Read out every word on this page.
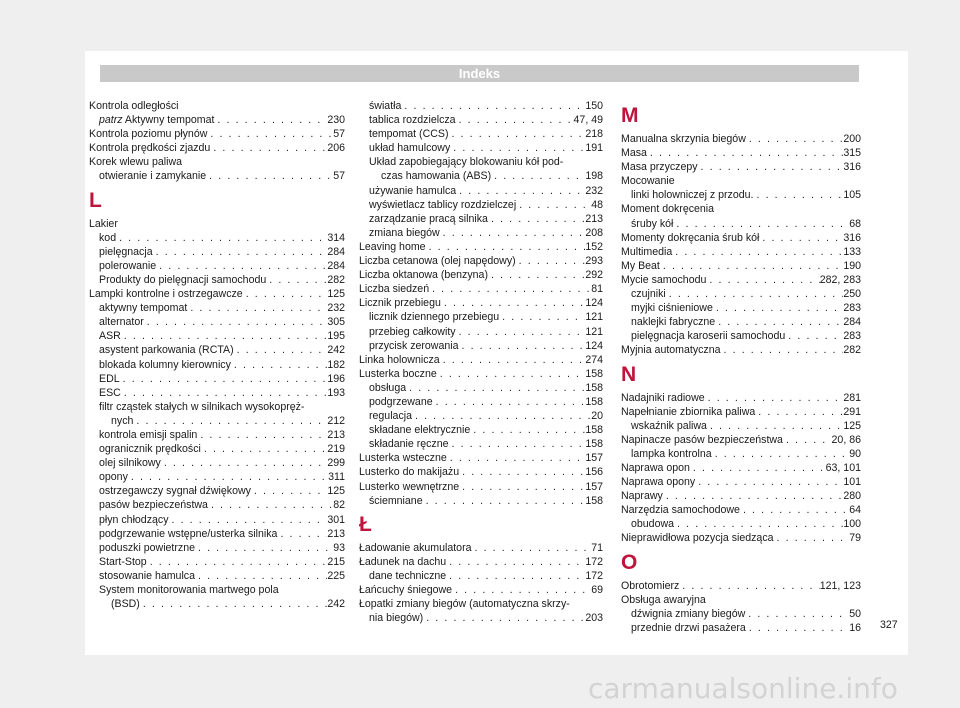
Indeks
Kontrola odległości
patrz Aktywny tempomat . . .	230
Kontrola poziomu płynów . . .	57
Kontrola prędkości zjazdu . . .	206
Korek wlewu paliwa
otwieranie i zamykanie . . .	57
L
Lakier
kod . . .	314
pielęgnacja . . .	284
polerowanie . . .	284
Produkty do pielęgnacji samochodu . . .	282
Lampki kontrolne i ostrzegawcze . . .	125
aktywny tempomat . . .	232
alternator . . .	305
ASR . . .	195
asystent parkowania (RCTA) . . .	242
blokada kolumny kierownicy . . .	182
EDL . . .	196
ESC . . .	193
filtr cząstek stałych w silnikach wysokopręż-
nych . . .	212
kontrola emisji spalin . . .	213
ogranicznik prędkości . . .	219
olej silnikowy . . .	299
opony . . .	311
ostrzegawczy sygnał dźwiękowy . . .	125
pasów bezpieczeństwa . . .	82
płyn chłodzący . . .	301
podgrzewanie wstępne/usterka silnika . . .	213
poduszki powietrzne . . .	93
Start-Stop . . .	215
stosowanie hamulca . . .	225
System monitorowania martwego pola
(BSD) . . .	242
światła . . .	150
tablica rozdzielcza . . .	47, 49
tempomat (CCS) . . .	218
układ hamulcowy . . .	191
Układ zapobiegający blokowaniu kół pod-
czas hamowania (ABS) . . .	198
używanie hamulca . . .	232
wyświetlacz tablicy rozdzielczej . . .	48
zarządzanie pracą silnika . . .	213
zmiana biegów . . .	208
Leaving home . . .	152
Liczba cetanowa (olej napędowy) . . .	293
Liczba oktanowa (benzyna) . . .	292
Liczba siedzeń . . .	81
Licznik przebiegu . . .	124
licznik dziennego przebiegu . . .	121
przebieg całkowity . . .	121
przycisk zerowania . . .	124
Linka holownicza . . .	274
Lusterka boczne . . .	158
obsługa . . .	158
podgrzewane . . .	158
regulacja . . .	20
składane elektrycznie . . .	158
składanie ręczne . . .	158
Lusterka wsteczne . . .	157
Lusterko do makijażu . . .	156
Lusterko wewnętrzne . . .	157
ściemniane . . .	158
Ł
Ładowanie akumulatora . . .	71
Ładunek na dachu . . .	172
dane techniczne . . .	172
Łańcuchy śniegowe . . .	69
Łopatki zmiany biegów (automatyczna skrzy-
nia biegów) . . .	203
M
Manualna skrzynia biegów . . .	200
Masa . . .	315
Masa przyczepy . . .	316
Mocowanie
linki holowniczej z przodu. . . .	105
Moment dokręcenia
śruby kół . . .	68
Momenty dokręcania śrub kół . . .	316
Multimedia . . .	133
My Beat . . .	190
Mycie samochodu . . .	282, 283
czujniki . . .	250
myjki ciśnieniowe . . .	283
naklejki fabryczne . . .	284
pielęgnacja karoserii samochodu . . .	283
Myjnia automatyczna . . .	282
N
Nadajniki radiowe . . .	281
Napełnianie zbiornika paliwa . . .	291
wskaźnik paliwa . . .	125
Napinacze pasów bezpieczeństwa . . .	20, 86
lampka kontrolna . . .	90
Naprawa opon . . .	63, 101
Naprawa opony . . .	101
Naprawy . . .	280
Narzędzia samochodowe . . .	64
obudowa . . .	100
Nieprawidłowa pozycja siedząca . . .	79
O
Obrotomierz . . .	121, 123
Obsługa awaryjna
dźwignia zmiany biegów . . .	50
przednie drzwi pasażera . . .	16 327
carmanualsonline.info
